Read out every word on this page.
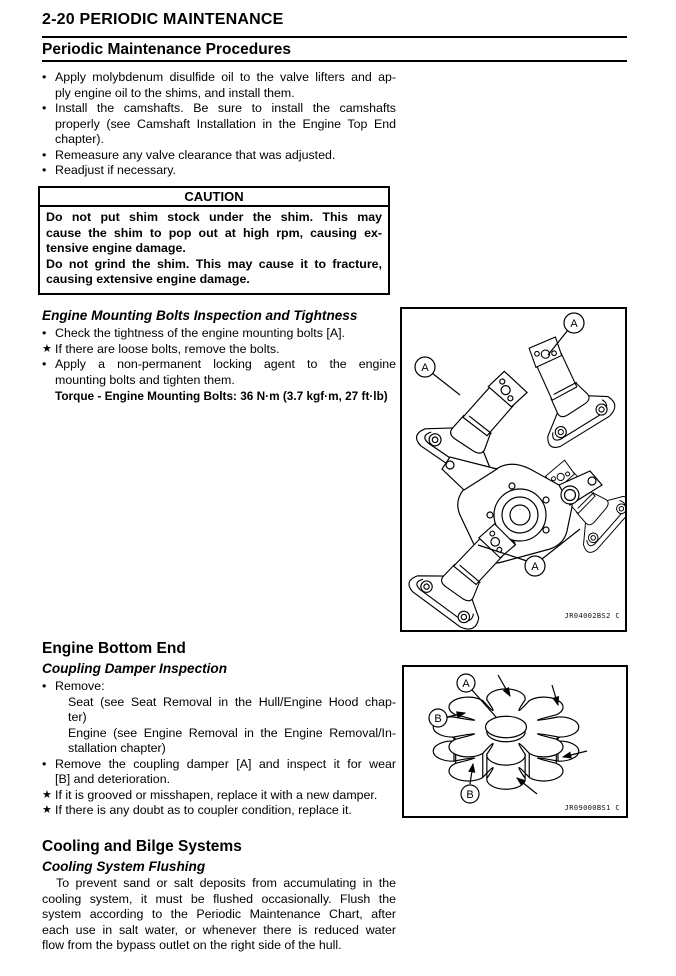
2-20 PERIODIC MAINTENANCE
Periodic Maintenance Procedures
• Apply molybdenum disulfide oil to the valve lifters and ap-
ply engine oil to the shims, and install them.
• Install the camshafts. Be sure to install the camshafts
properly (see Camshaft Installation in the Engine Top End
chapter).
• Remeasure any valve clearance that was adjusted.
• Readjust if necessary.
CAUTION
Do not put shim stock under the shim. This may
cause the shim to pop out at high rpm, causing ex-
tensive engine damage.
Do not grind the shim. This may cause it to fracture,
causing extensive engine damage.
Engine Mounting Bolts Inspection and Tightness
• Check the tightness of the engine mounting bolts [A].
★ If there are loose bolts, remove the bolts.
• Apply a non-permanent locking agent to the engine
mounting bolts and tighten them.
Torque - Engine Mounting Bolts: 36 N·m (3.7 kgf·m, 27 ft·lb)
A
A
A
JR04002BS2 C
Engine Bottom End
Coupling Damper Inspection
• Remove:
Seat (see Seat Removal in the Hull/Engine Hood chap-
ter)
Engine (see Engine Removal in the Engine Removal/In-
stallation chapter)
• Remove the coupling damper [A] and inspect it for wear
[B] and deterioration.
★ If it is grooved or misshapen, replace it with a new damper.
★ If there is any doubt as to coupler condition, replace it.
A
B
B
JR09000BS1 C
Cooling and Bilge Systems
Cooling System Flushing
To prevent sand or salt deposits from accumulating in the
cooling system, it must be flushed occasionally. Flush the
system according to the Periodic Maintenance Chart, after
each use in salt water, or whenever there is reduced water
flow from the bypass outlet on the right side of the hull.
